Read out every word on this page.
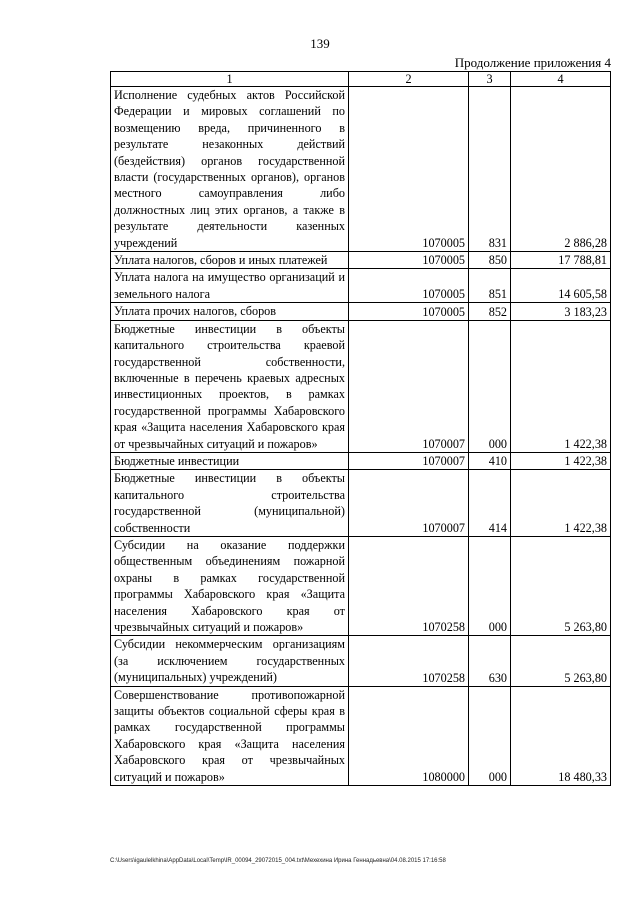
139
Продолжение приложения 4
1	2	3	4
Исполнение судебных актов Российской Федерации и мировых соглашений по возмещению вреда, причиненного в результате незаконных действий (бездействия) органов государственной власти (государственных органов), органов местного самоуправления либо должностных лиц этих органов, а также в результате деятельности казенных учреждений	1070005	831	2 886,28
Уплата налогов, сборов и иных платежей	1070005	850	17 788,81
Уплата налога на имущество организаций и земельного налога	1070005	851	14 605,58
Уплата прочих налогов, сборов	1070005	852	3 183,23
Бюджетные инвестиции в объекты капитального строительства краевой государственной собственности, включенные в перечень краевых адресных инвестиционных проектов, в рамках государственной программы Хабаровского края «Защита населения Хабаровского края от чрезвычайных ситуаций и пожаров»	1070007	000	1 422,38
Бюджетные инвестиции	1070007	410	1 422,38
Бюджетные инвестиции в объекты капитального строительства государственной (муниципальной) собственности	1070007	414	1 422,38
Субсидии на оказание поддержки общественным объединениям пожарной охраны в рамках государственной программы Хабаровского края «Защита населения Хабаровского края от чрезвычайных ситуаций и пожаров»	1070258	000	5 263,80
Субсидии некоммерческим организациям (за исключением государственных (муниципальных) учреждений)	1070258	630	5 263,80
Совершенствование противопожарной защиты объектов социальной сферы края в рамках государственной программы Хабаровского края «Защита населения Хабаровского края от чрезвычайных ситуаций и пожаров»	1080000	000	18 480,33
C:\Users\igaulelkhina\AppData\Local\Temp\IR_00094_29072015_004.txt\Мехехина Ирина Геннадьевна\04.08.2015 17:16:58
